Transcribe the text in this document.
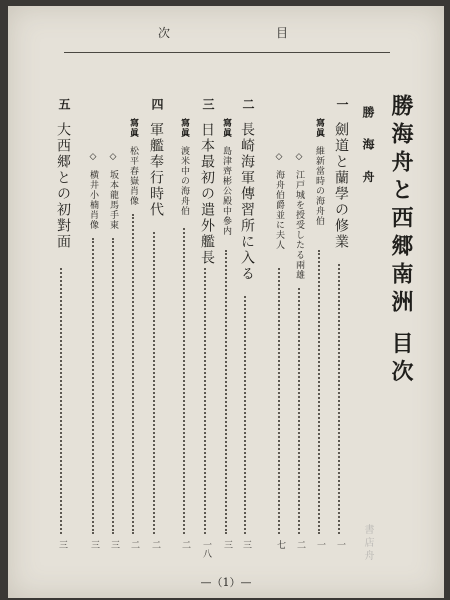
次	目
勝海舟と西郷南洲 目次
勝 海 舟
一
劍道と蘭學の修業
一
寫眞
維新當時の海舟伯
一
◇
江戸城を授受したる兩雄
二
◇
海舟伯爵並に夫人
七
二
長崎海軍傳習所に入る
三
寫眞
島津齊彬公殿中參内
三
三
日本最初の遣外艦長
一八
寫眞
渡米中の海舟伯
二
四
軍艦奉行時代
二
寫眞
松平春嶽肖像
二
◇
坂本龍馬手東
三
◇
横井小楠肖像
三
五
大西郷との初對面
三	書 店 舟
—（1）—
